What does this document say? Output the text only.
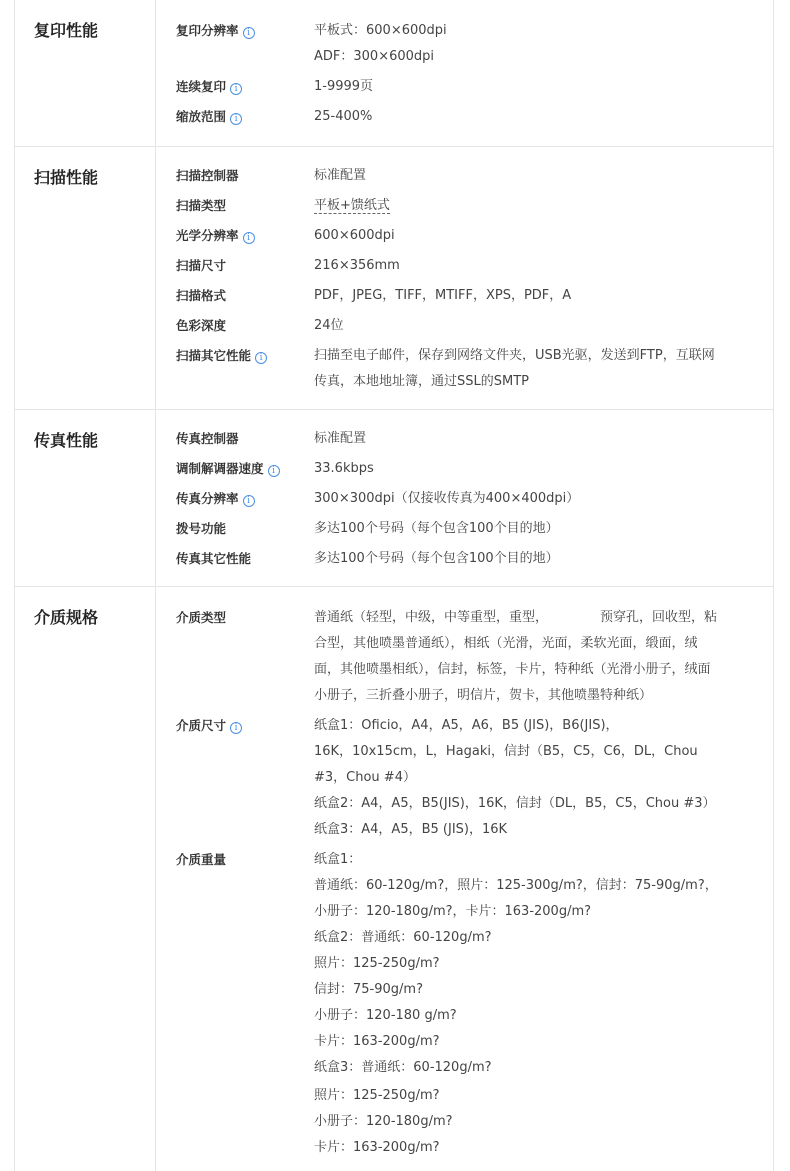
复印性能	复印分辨率 i	平板式：600×600dpi
ADF：300×600dpi
连续复印 i	1-9999页
缩放范围 i	25-400%
扫描性能	扫描控制器	标准配置
扫描类型	平板+馈纸式
光学分辨率 i	600×600dpi
扫描尺寸	216×356mm
扫描格式	PDF，JPEG，TIFF，MTIFF，XPS，PDF，A
色彩深度	24位
扫描其它性能 i	扫描至电子邮件，保存到网络文件夹，USB光驱，发送到FTP，互联网
传真，本地地址簿，通过SSL的SMTP
传真性能	传真控制器	标准配置
调制解调器速度 i	33.6kbps
传真分辨率 i	300×300dpi（仅接收传真为400×400dpi）
拨号功能	多达100个号码（每个包含100个目的地）
传真其它性能	多达100个号码（每个包含100个目的地）
介质规格	介质类型	普通纸（轻型，中级，中等重型，重型，	预穿孔，回收型，粘
合型，其他喷墨普通纸），相纸（光滑，光面，柔软光面，缎面，绒
面，其他喷墨相纸），信封，标签，卡片，特种纸（光滑小册子，绒面
小册子，三折叠小册子，明信片，贺卡，其他喷墨特种纸）
介质尺寸 i	纸盒1：Oficio，A4，A5，A6，B5 (JIS)，B6(JIS)，
16K，10x15cm，L，Hagaki，信封（B5，C5，C6，DL，Chou
#3，Chou #4）
纸盒2：A4，A5，B5(JIS)，16K，信封（DL，B5，C5，Chou #3）
纸盒3：A4，A5，B5 (JIS)，16K
介质重量	纸盒1：
普通纸：60-120g/m?，照片：125-300g/m?，信封：75-90g/m?，
小册子：120-180g/m?，卡片：163-200g/m?
纸盒2：普通纸：60-120g/m?
照片：125-250g/m?
信封：75-90g/m?
小册子：120-180 g/m?
卡片：163-200g/m?
纸盒3：普通纸：60-120g/m?
照片：125-250g/m?
小册子：120-180g/m?
卡片：163-200g/m?
